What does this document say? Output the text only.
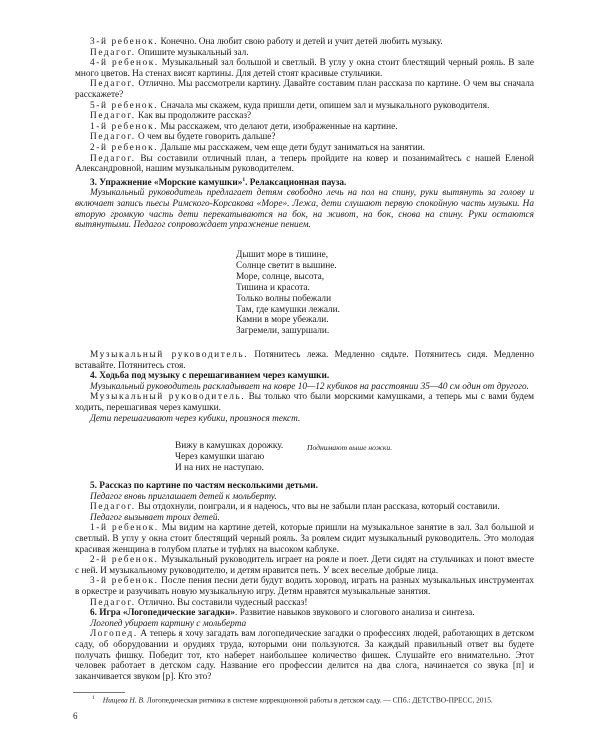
3-й ребенок. Конечно. Она любит свою работу и детей и учит детей любить музыку.

Педагог. Опишите музыкальный зал.

4-й ребенок. Музыкальный зал большой и светлый. В углу у окна стоит блестящий черный рояль. В зале много цветов. На стенах висят картины. Для детей стоят красивые стульчики.

Педагог. Отлично. Мы рассмотрели картину. Давайте составим план рассказа по картине. О чем вы сначала расскажете?

5-й ребенок. Сначала мы скажем, куда пришли дети, опишем зал и музыкального руководителя.

Педагог. Как вы продолжите рассказ?

1-й ребенок. Мы расскажем, что делают дети, изображенные на картине.

Педагог. О чем вы будете говорить дальше?

2-й ребенок. Дальше мы расскажем, чем еще дети будут заниматься на занятии.

Педагог. Вы составили отличный план, а теперь пройдите на ковер и позанимайтесь с нашей Еленой Александровной, нашим музыкальным руководителем.

3. Упражнение «Морские камушки»$^1$. Релаксационная пауза.

Музыкальный руководитель предлагает детям свободно лечь на пол на спину, руки вытянуть за голову и включает запись пьесы Римского-Корсакова «Море». Лежа, дети слушают первую спокойную часть музыки. На вторую громкую часть дети перекатываются на бок, на живот, на бок, снова на спину. Руки остаются вытянутыми. Педагог сопровождает упражнение пением.

Дышит море в тишине,
Солнце светит в вышине.
Море, солнце, высота,
Тишина и красота.
Только волны побежали
Там, где камушки лежали.
Камни в море убежали.
Загремели, зашуршали.

Музыкальный руководитель. Потянитесь лежа. Медленно сядьте. Потянитесь сидя. Медленно вставайте. Потянитесь стоя.

4. Ходьба под музыку с перешагиванием через камушки.

Музыкальный руководитель раскладывает на ковре 10—12 кубиков на расстоянии 35—40 см один от другого.

Музыкальный руководитель. Вы только что были морскими камушками, а теперь мы с вами будем ходить, перешагивая через камушки.

Дети перешагивают через кубики, произнося текст.

Вижу в камушках дорожку.
Через камушки шагаю
И на них не наступаю.
Поднимают выше ножки.

5. Рассказ по картине по частям несколькими детьми.

Педагог вновь приглашает детей к мольберту.

Педагог. Вы отдохнули, поиграли, и я надеюсь, что вы не забыли план рассказа, который составили.

Педагог вызывает троих детей.

1-й ребенок. Мы видим на картине детей, которые пришли на музыкальное занятие в зал. Зал большой и светлый. В углу у окна стоит блестящий черный рояль. За роялем сидит музыкальный руководитель. Это молодая красивая женщина в голубом платье и туфлях на высоком каблуке.

2-й ребенок. Музыкальный руководитель играет на рояле и поет. Дети сидят на стульчиках и поют вместе с ней. И музыкальному руководителю, и детям нравится петь. У всех веселые добрые лица.

3-й ребенок. После пения песни дети будут водить хоровод, играть на разных музыкальных инструментах в оркестре и разучивать новую музыкальную игру. Детям нравятся музыкальные занятия.

Педагог. Отлично. Вы составили чудесный рассказ!

6. Игра «Логопедические загадки». Развитие навыков звукового и слогового анализа и синтеза.

Логопед убирает картину с мольберта

Логопед. А теперь я хочу загадать вам логопедические загадки о профессиях людей, работающих в детском саду, об оборудовании и орудиях труда, которыми они пользуются. За каждый правильный ответ вы будете получать фишку. Победит тот, кто наберет наибольшее количество фишек. Слушайте его внимательно. Этот человек работает в детском саду. Название его профессии делится на два слога, начинается со звука [п] и заканчивается звуком [р]. Кто это?

$^1$ Нищева Н. В. Логопедическая ритмика в системе коррекционной работы в детском саду. — СПб.: ДЕТСТВО-ПРЕСС, 2015.
6
